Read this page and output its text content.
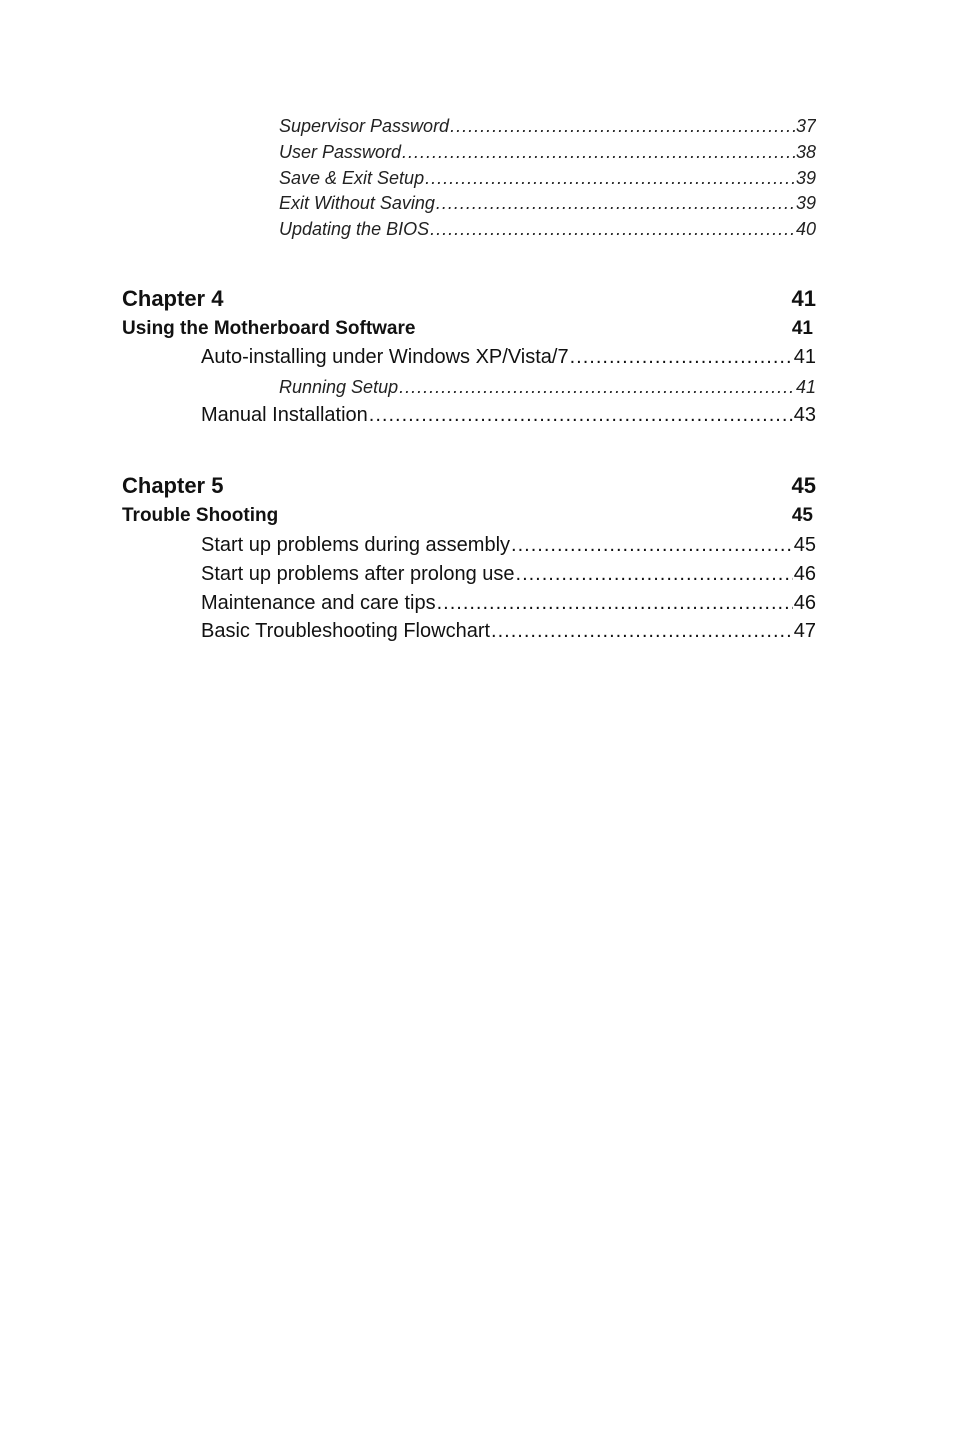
Supervisor Password .....	37
User Password .....	38
Save & Exit Setup .....	39
Exit Without Saving .....	39
Updating the BIOS .....	40
Chapter 4	41
Using the Motherboard Software	41
Auto-installing under Windows XP/Vista/7 .....	41
Running Setup .....	41
Manual Installation .....	43
Chapter 5	45
Trouble Shooting	45
Start up problems during assembly .....	45
Start up problems after prolong use .....	46
Maintenance and care tips .....	46
Basic Troubleshooting Flowchart .....	47
